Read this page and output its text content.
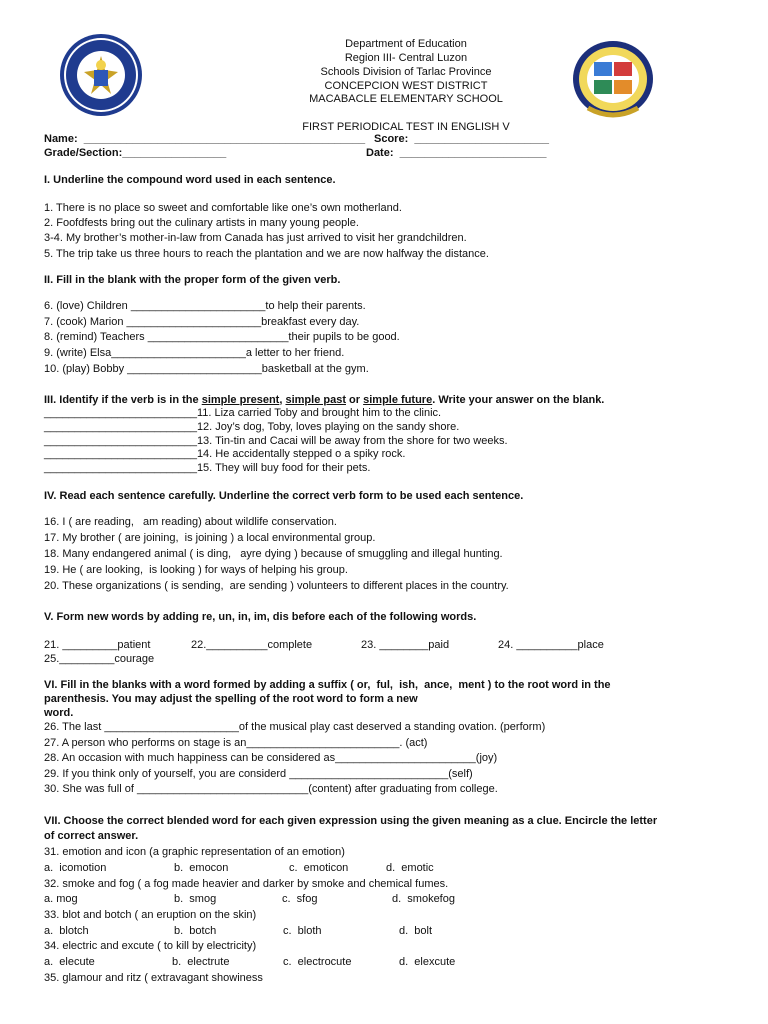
Department of Education
Region III- Central Luzon
Schools Division of Tarlac Province
CONCEPCION WEST DISTRICT
MACABACLE ELEMENTARY SCHOOL
FIRST PERIODICAL TEST IN ENGLISH V
Name:  ______________________________________________ Score:  ______________________
Grade/Section:_________________	Date:  ________________________
I. Underline the compound word used in each sentence.
1. There is no place so sweet and comfortable like one’s own motherland.
2. Foofdfests bring out the culinary artists in many young people.
3-4. My brother’s mother-in-law from Canada has just arrived to visit her grandchildren.
5. The trip take us three hours to reach the plantation and we are now halfway the distance.
II. Fill in the blank with the proper form of the given verb.
6. (love) Children ______________________to help their parents.
7. (cook) Marion ______________________breakfast every day.
8. (remind) Teachers _______________________their pupils to be good.
9. (write) Elsa______________________a letter to her friend.
10. (play) Bobby ______________________basketball at the gym.
III. Identify if the verb is in the simple present, simple past or simple future. Write your answer on the blank.
_________________________11. Liza carried Toby and brought him to the clinic.
_________________________12. Joy’s dog, Toby, loves playing on the sandy shore.
_________________________13. Tin-tin and Cacai will be away from the shore for two weeks.
_________________________14. He accidentally stepped o a spiky rock.
_________________________15. They will buy food for their pets.
IV. Read each sentence carefully. Underline the correct verb form to be used each sentence.
16. I ( are reading,   am reading) about wildlife conservation.
17. My brother ( are joining,  is joining ) a local environmental group.
18. Many endangered animal ( is ding,   ayre dying ) because of smuggling and illegal hunting.
19. He ( are looking,  is looking ) for ways of helping his group.
20. These organizations ( is sending,  are sending ) volunteers to different places in the country.
V. Form new words by adding re, un, in, im, dis before each of the following words.
21. _________patient	22.__________complete	23. ________paid	24. __________place
25._________courage
VI. Fill in the blanks with a word formed by adding a suffix ( or,  ful,  ish,  ance,  ment ) to the root word in the
parenthesis. You may adjust the spelling of the root word to form a new
word.
26. The last ______________________of the musical play cast deserved a standing ovation. (perform)
27. A person who performs on stage is an_________________________. (act)
28. An occasion with much happiness can be considered as_______________________(joy)
29. If you think only of yourself, you are considerd __________________________(self)
30. She was full of ____________________________(content) after graduating from college.
VII. Choose the correct blended word for each given expression using the given meaning as a clue. Encircle the letter
of correct answer.
31. emotion and icon (a graphic representation of an emotion)
a.  icomotion	b.  emocon	c.  emoticon	d.  emotic
32. smoke and fog ( a fog made heavier and darker by smoke and chemical fumes.
a. mog	b.  smog	c.  sfog	d.  smokefog
33. blot and botch ( an eruption on the skin)
a.  blotch	b.  botch	c.  bloth	d.  bolt
34. electric and excute ( to kill by electricity)
a.  elecute	b.  electrute	c.  electrocute	d.  elexcute
35. glamour and ritz ( extravagant showiness
